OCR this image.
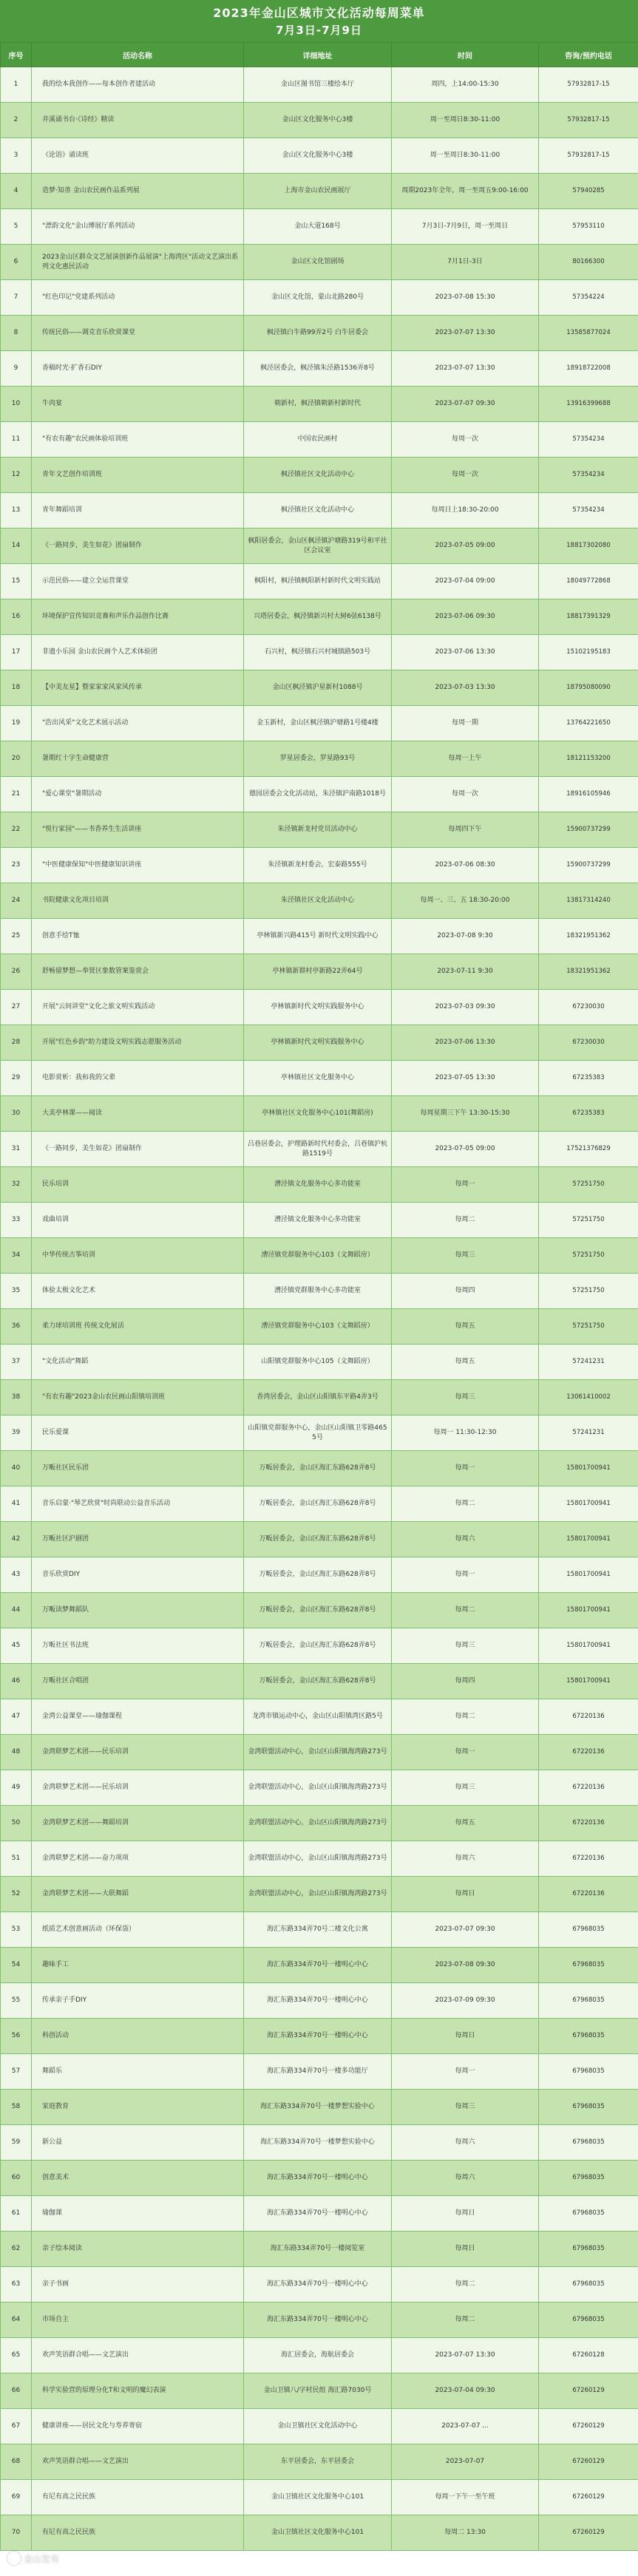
2023年金山区城市文化活动每周菜单
7月3日-7月9日
序号	活动名称	详细地址	时间	咨询/预约电话
1	我的绘本我创作——每本创作者建活动	金山区图书馆三楼绘本厅	周四，上14:00-15:30	57932817-15
2	井溪诵书台·《诗经》精读	金山区文化服务中心3楼	周一至周日8:30-11:00	57932817-15
3	《论语》诵读班	金山区文化服务中心3楼	周一至周日8:30-11:00	57932817-15
4	造梦·知善 金山农民画作品系列展	上海市金山农民画展厅	周期2023年全年，周一至周五9:00-16:00	57940285
5	"漂韵文化"金山博展厅系列活动	金山大道168号	7月3日-7月9日，周一至周日	57953110
6	2023金山区群众文艺展演创新作品展演"上海湾区"活动文艺演出系列文化惠民活动	金山区文化馆剧场	7月1日-3日	80166300
7	"红色印记"党建系列活动	金山区文化馆，蒙山北路280号	2023-07-08 15:30	57354224
8	传统民俗——调克音乐欣赏课堂	枫泾镇白牛路99弄2号 白牛居委会	2023-07-07 13:30	13585877024
9	香稿时光·扩香石DIY	枫泾居委会，枫泾镇朱泾路1536弄8号	2023-07-07 13:30	18918722008
10	牛肉宴	朝新村，枫泾镇朝新村新时代	2023-07-07 09:30	13916399688
11	"有农有趣"农民画体验培训班	中国农民画村	每周一次	57354234
12	青年文艺创作培训班	枫泾镇社区文化活动中心	每周一次	57354234
13	青年舞蹈培训	枫泾镇社区文化活动中心	每周日上18:30-20:00	57354234
14	《一路同步，美生如花》团扇制作	枫阳居委会，金山区枫泾镇沪塘路319号和平社区会议室	2023-07-05 09:00	18817302080
15	示范民俗——建立全运营课堂	枫阳村，枫泾镇枫阳新村新时代文明实践站	2023-07-04 09:00	18049772868
16	环境保护宣传知识竞赛和声乐作品创作比赛	兴塔居委会，枫泾镇新兴村大树6弦6138号	2023-07-06 09:30	18817391329
17	非遗小乐园 金山农民画个人艺术体验团	石兴村，枫泾镇石兴村城镇路503号	2023-07-06 13:30	15102195183
18	【中美友星】暨家家家风家风传承	金山区枫泾镇沪星新村1088号	2023-07-03 13:30	18795080090
19	"浩出风采"文化艺术展示活动	金玉新村，金山区枫泾镇沪塘路1号楼4楼	每周一期	13764221650
20	暑期红十字生命健康营	罗星居委会，罗星路93号	每周一上午	18121153200
21	"爱心课堂"暑期活动	德园居委会文化活动站，朱泾镇沪南路1018号	每周一次	18916105946
22	"悦行家园"——书香养生生活讲座	朱泾镇新龙村党员活动中心	每周四下午	15900737299
23	"中医健康保知"中医健康知识讲座	朱泾镇新龙村委会，宏泰路555号	2023-07-06 08:30	15900737299
24	书院健康文化项目培训	朱泾镇社区文化活动中心	每周一、三、五 18:30-20:00	13817314240
25	创意手绘T恤	亭林镇新兴路415号 新时代文明实践中心	2023-07-08 9:30	18321951362
26	舒畅留梦想—奉贤区象数管案鉴赏会	亭林镇新群村亭新路22弄64号	2023-07-11 9:30	18321951362
27	开展"云间讲堂"文化之旅文明实践活动	亭林镇新时代文明实践服务中心	2023-07-03 09:30	67230030
28	开展"红色乡韵"助力建设文明实践志愿服务活动	亭林镇新时代文明实践服务中心	2023-07-06 13:30	67230030
29	电影赏析：我和我的父辈	亭林镇社区文化服务中心	2023-07-05 13:30	67235383
30	大美亭林课——阅读	亭林镇社区文化服务中心101(舞蹈房)	每周星期三下午 13:30-15:30	67235383
31	《一路同步，美生如花》团扇制作	吕巷居委会，护理路新时代村委会，吕巷镇沪杭路1519号	2023-07-05 09:00	17521376829
32	民乐培训	漕泾镇文化服务中心多功能室	每周一	57251750
33	戏曲培训	漕泾镇文化服务中心多功能室	每周二	57251750
34	中华传统古筝培训	漕泾镇党群服务中心103（文舞蹈房）	每周三	57251750
35	体验太极文化艺术	漕泾镇党群服务中心多功能室	每周四	57251750
36	柔力球培训班 传统文化展活	漕泾镇党群服务中心103（文舞蹈房）	每周五	57251750
37	"文化活动"舞蹈	山阳镇党群服务中心105（文舞蹈房）	每周五	57241231
38	"有农有趣"2023金山农民画山阳镇培训班	香湾居委会，金山区山阳镇东平路4弄3号	每周三	13061410002
39	民乐爱课	山阳镇党群服务中心，金山区山阳镇卫零路4655号	每周一 11:30-12:30	57241231
40	万畈社区民乐团	万畈居委会，金山区海汇东路628弄8号	每周一	15801700941
41	音乐启蒙·"琴艺欣赏"时尚联动公益音乐活动	万畈居委会，金山区海汇东路628弄8号	每周二	15801700941
42	万畈社区沪剧团	万畈居委会，金山区海汇东路628弄8号	每周六	15801700941
43	音乐欣赏DIY	万畈居委会，金山区海汇东路628弄8号	每周一	15801700941
44	万畈读梦舞蹈队	万畈居委会，金山区海汇东路628弄8号	每周二	15801700941
45	万畈社区书法班	万畈居委会，金山区海汇东路628弄8号	每周三	15801700941
46	万畈社区合唱团	万畈居委会，金山区海汇东路628弄8号	每周四	15801700941
47	金湾公益课堂——瑜伽课程	龙湾市镇运动中心，金山区山阳镇湾区路5号	每周二	67220136
48	金湾联梦艺术团——民乐培训	金湾联盟活动中心，金山区山阳镇海湾路273号	每周一	67220136
49	金湾联梦艺术团——民乐培训	金湾联盟活动中心，金山区山阳镇海湾路273号	每周三	67220136
50	金湾联梦艺术团——舞蹈培训	金湾联盟活动中心，金山区山阳镇海湾路273号	每周五	67220136
51	金湾联梦艺术团——奋力项项	金湾联盟活动中心，金山区山阳镇海湾路273号	每周六	67220136
52	金湾联梦艺术团——大联舞蹈	金湾联盟活动中心，金山区山阳镇海湾路273号	每周日	67220136
53	纸质艺术创意画活动（环保袋）	海汇东路334弄70号二楼文化公寓	2023-07-07 09:30	67968035
54	趣味手工	海汇东路334弄70号一楼明心中心	2023-07-08 09:30	67968035
55	传承亲子手DIY	海汇东路334弄70号一楼明心中心	2023-07-09 09:30	67968035
56	科创活动	海汇东路334弄70号一楼明心中心	每周日	67968035
57	舞蹈乐	海汇东路334弄70号一楼多功能厅	每周一	67968035
58	家庭教育	海汇东路334弄70号一楼梦想实验中心	每周三	67968035
59	新公益	海汇东路334弄70号一楼梦想实验中心	每周六	67968035
60	创意美术	海汇东路334弄70号一楼明心中心	每周六	67968035
61	瑜伽课	海汇东路334弄70号一楼明心中心	每周日	67968035
62	亲子绘本阅读	海汇东路334弄70号一楼阅览室	每周日	67968035
63	亲子书画	海汇东路334弄70号一楼明心中心	每周二	67968035
64	市场自主	海汇东路334弄70号一楼明心中心	每周二	67968035
65	欢声笑语群合唱——文艺演出	海汇居委会，海航居委会	2023-07-07 13:30	67260128
66	科学实验营的原理分化T和文明的魔幻表演	金山卫镇八/字村民组 海汇路7030号	2023-07-04 09:30	67260129
67	健康讲座——居民文化与寿养寄宿	金山卫镇社区文化活动中心	2023-07-07 ...	67260129
68	欢声笑语群合唱——文艺演出	东平居委会，东平居委会	2023-07-07	67260129
69	有尼有高之民民族	金山卫镇社区文化服务中心101	每周一下午一至午班	67260129
70	有尼有高之民民族	金山卫镇社区文化服务中心101	每周二 13:30	67260129
金山发布
